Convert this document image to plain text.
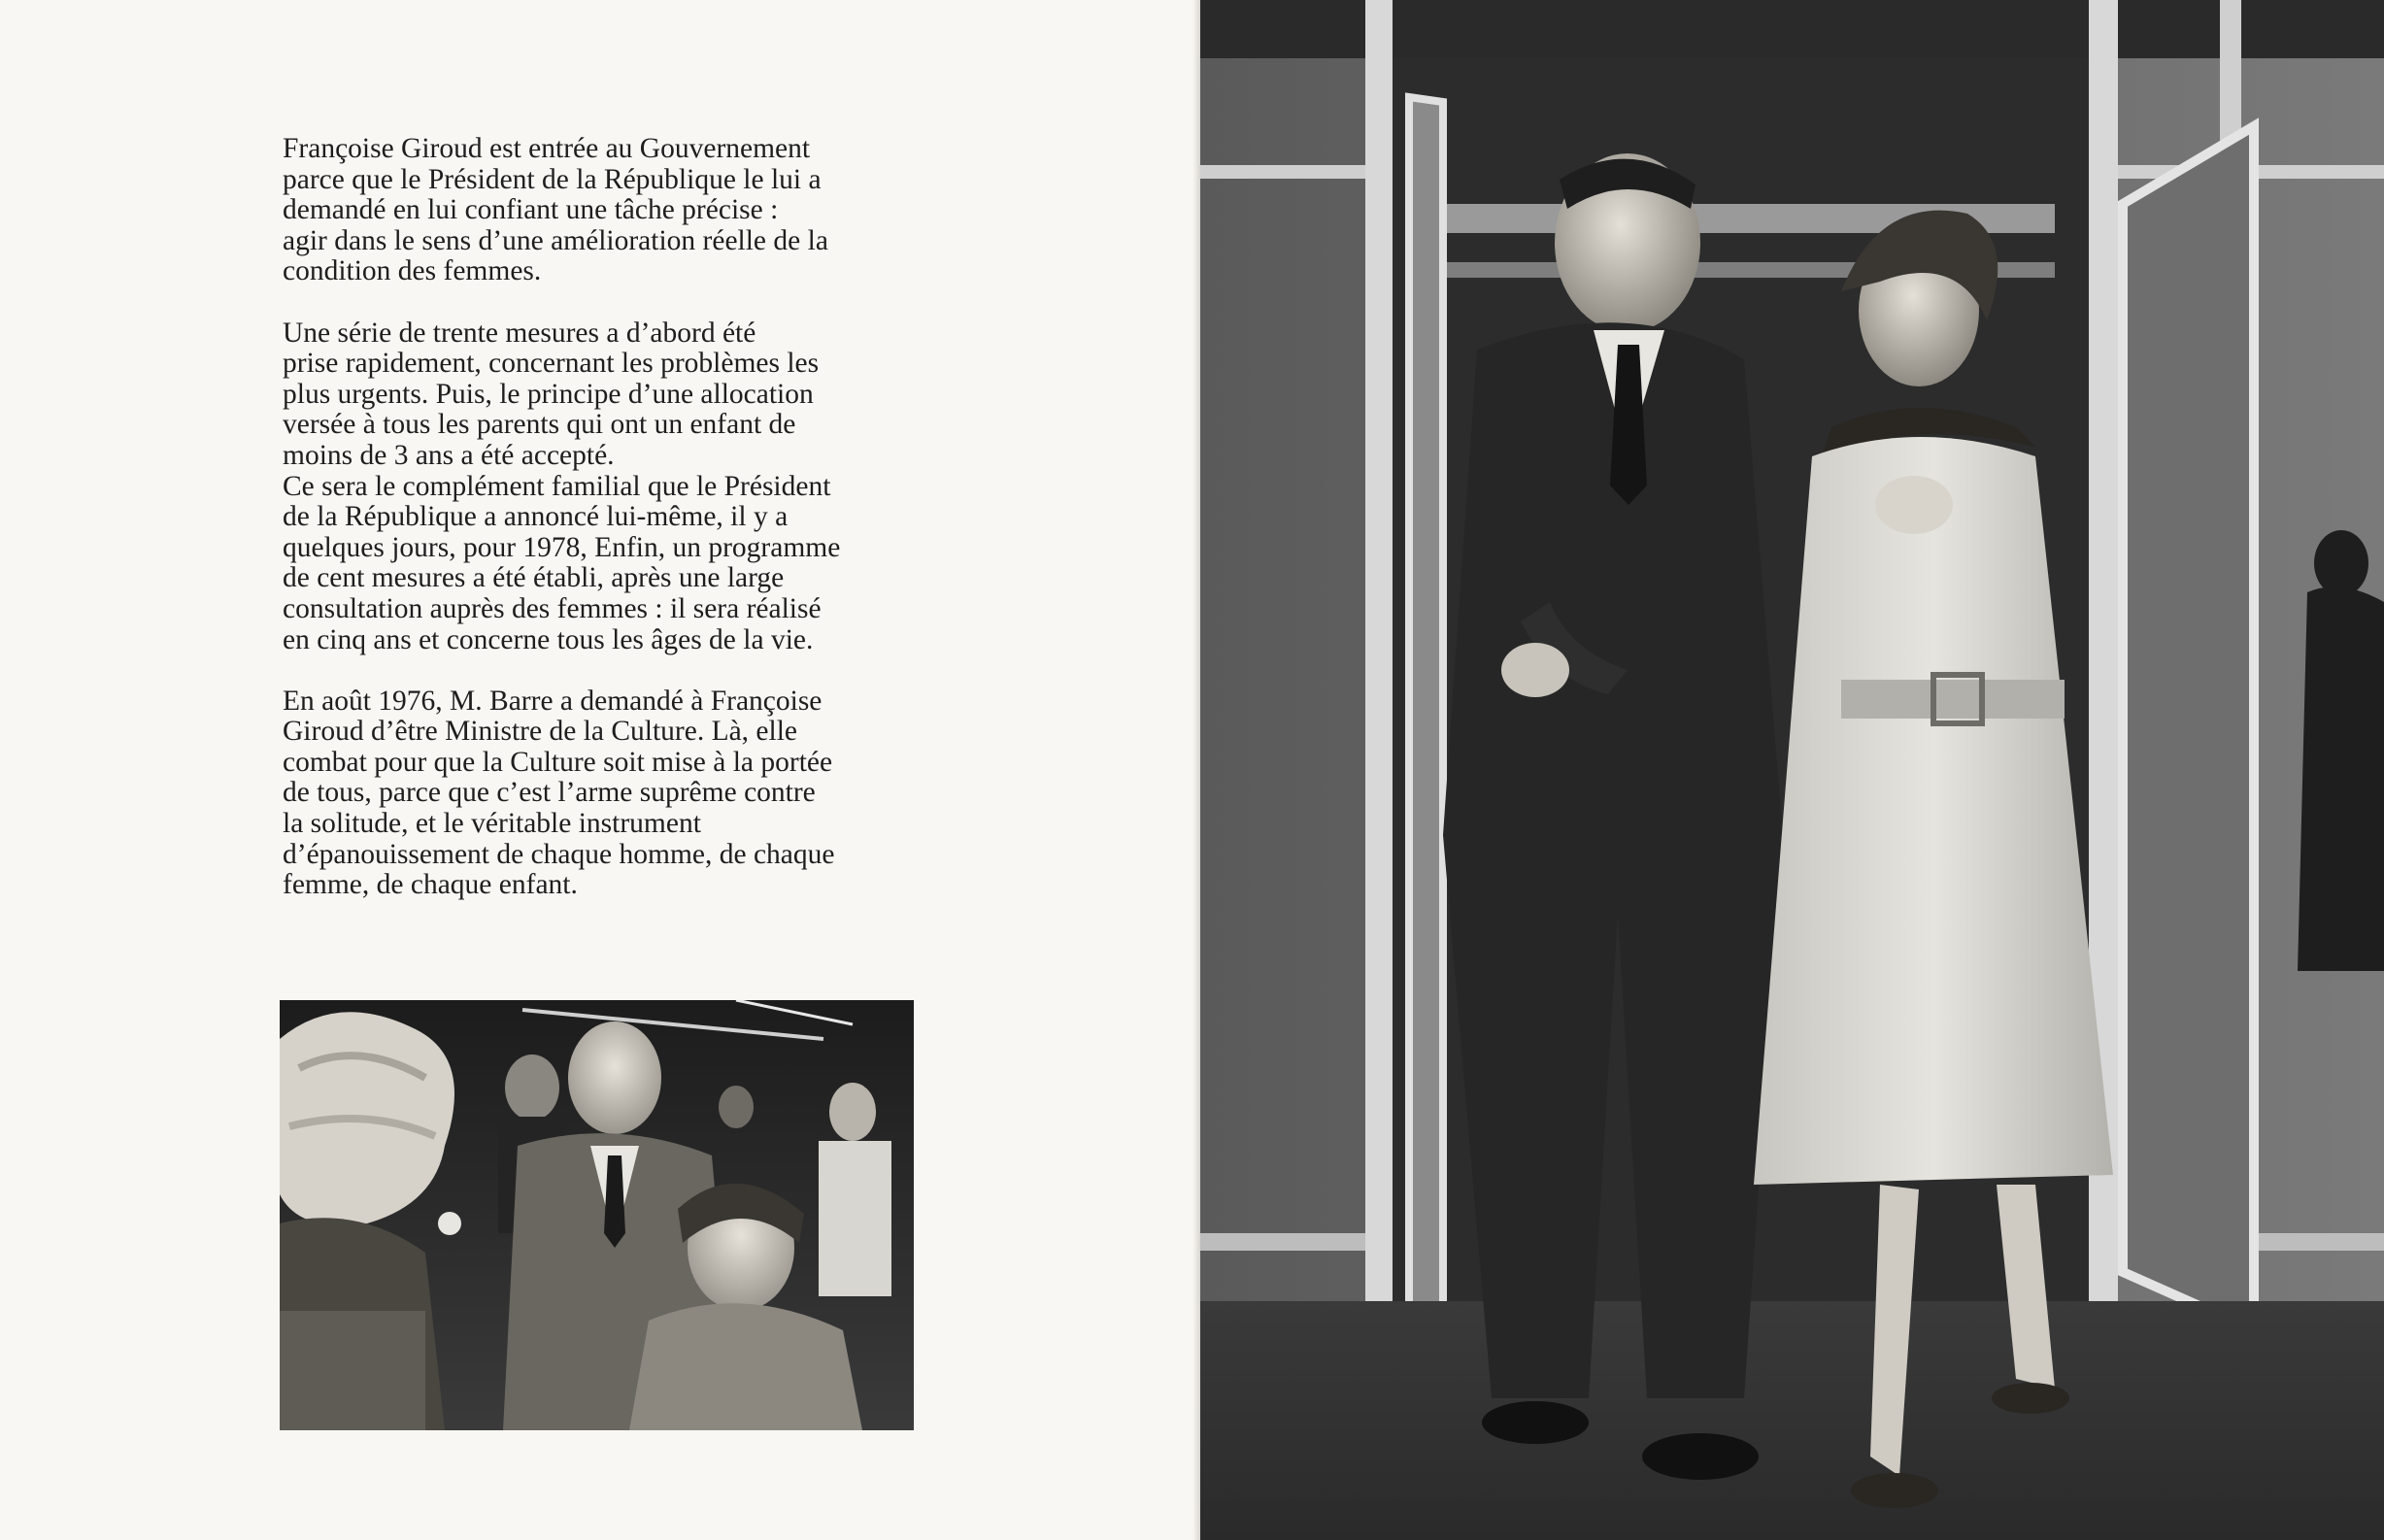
Françoise Giroud est entrée au Gouvernement
parce que le Président de la République le lui a
demandé en lui confiant une tâche précise :
agir dans le sens d’une amélioration réelle de la
condition des femmes.

Une série de trente mesures a d’abord été
prise rapidement, concernant les problèmes les
plus urgents. Puis, le principe d’une allocation
versée à tous les parents qui ont un enfant de
moins de 3 ans a été accepté.
Ce sera le complément familial que le Président
de la République a annoncé lui-même, il y a
quelques jours, pour 1978, Enfin, un programme
de cent mesures a été établi, après une large
consultation auprès des femmes : il sera réalisé
en cinq ans et concerne tous les âges de la vie.

En août 1976, M. Barre a demandé à Françoise
Giroud d’être Ministre de la Culture. Là, elle
combat pour que la Culture soit mise à la portée
de tous, parce que c’est l’arme suprême contre
la solitude, et le véritable instrument
d’épanouissement de chaque homme, de chaque
femme, de chaque enfant.
